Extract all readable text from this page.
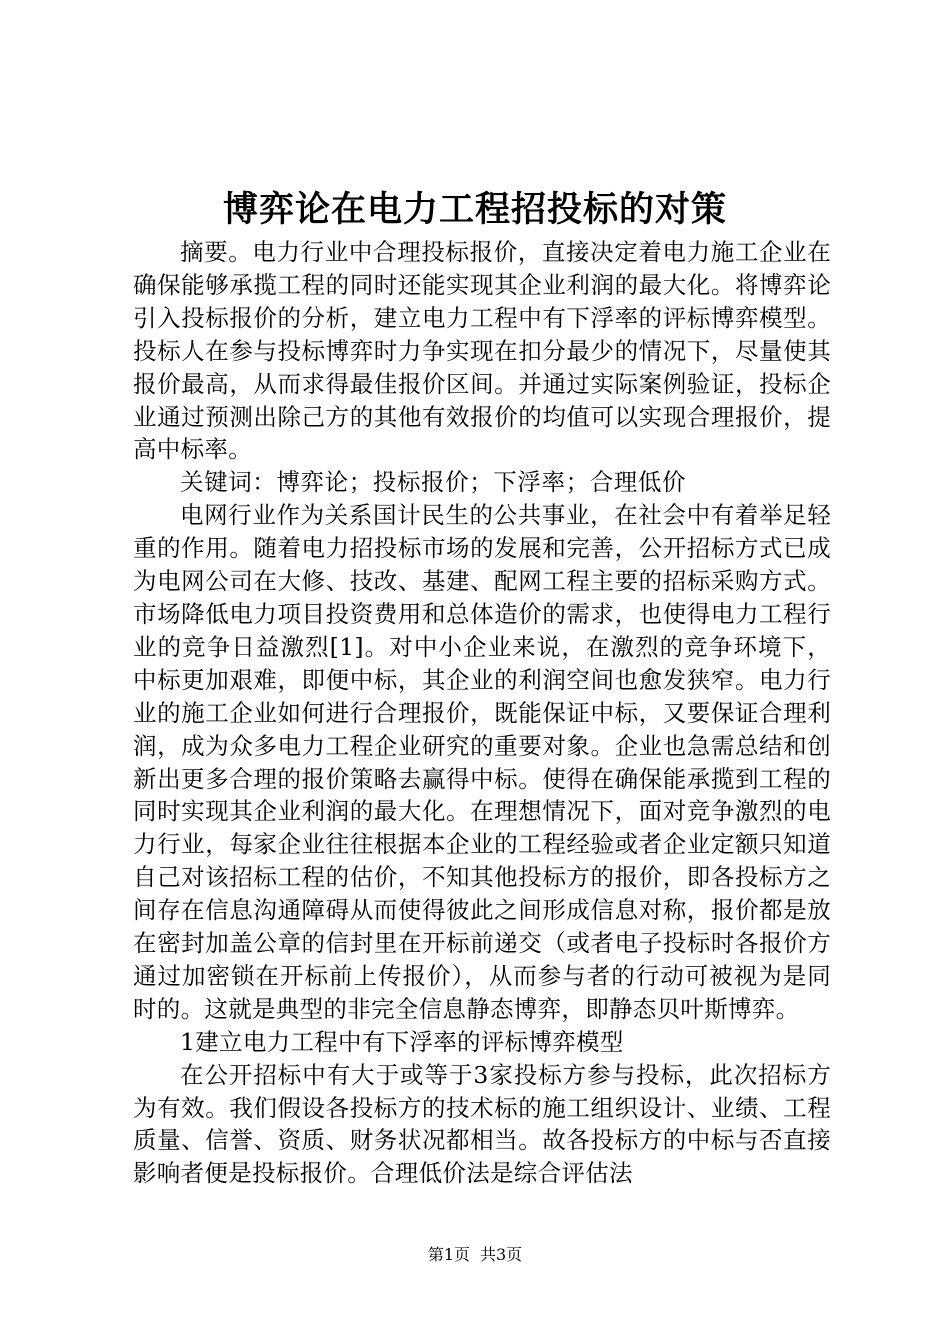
博弈论在电力工程招投标的对策

摘要。电力行业中合理投标报价，直接决定着电力施工企业在确保能够承揽工程的同时还能实现其企业利润的最大化。将博弈论引入投标报价的分析，建立电力工程中有下浮率的评标博弈模型。投标人在参与投标博弈时力争实现在扣分最少的情况下，尽量使其报价最高，从而求得最佳报价区间。并通过实际案例验证，投标企业通过预测出除己方的其他有效报价的均值可以实现合理报价，提高中标率。

关键词：博弈论；投标报价；下浮率；合理低价

电网行业作为关系国计民生的公共事业，在社会中有着举足轻重的作用。随着电力招投标市场的发展和完善，公开招标方式已成为电网公司在大修、技改、基建、配网工程主要的招标采购方式。市场降低电力项目投资费用和总体造价的需求，也使得电力工程行业的竞争日益激烈[1]。对中小企业来说，在激烈的竞争环境下，中标更加艰难，即便中标，其企业的利润空间也愈发狭窄。电力行业的施工企业如何进行合理报价，既能保证中标，又要保证合理利润，成为众多电力工程企业研究的重要对象。企业也急需总结和创新出更多合理的报价策略去赢得中标。使得在确保能承揽到工程的同时实现其企业利润的最大化。在理想情况下，面对竞争激烈的电力行业，每家企业往往根据本企业的工程经验或者企业定额只知道自己对该招标工程的估价，不知其他投标方的报价，即各投标方之间存在信息沟通障碍从而使得彼此之间形成信息对称，报价都是放在密封加盖公章的信封里在开标前递交（或者电子投标时各报价方通过加密锁在开标前上传报价），从而参与者的行动可被视为是同时的。这就是典型的非完全信息静态博弈，即静态贝叶斯博弈。

1建立电力工程中有下浮率的评标博弈模型

在公开招标中有大于或等于3家投标方参与投标，此次招标方为有效。我们假设各投标方的技术标的施工组织设计、业绩、工程质量、信誉、资质、财务状况都相当。故各投标方的中标与否直接影响者便是投标报价。合理低价法是综合评估法

第1页 共3页
